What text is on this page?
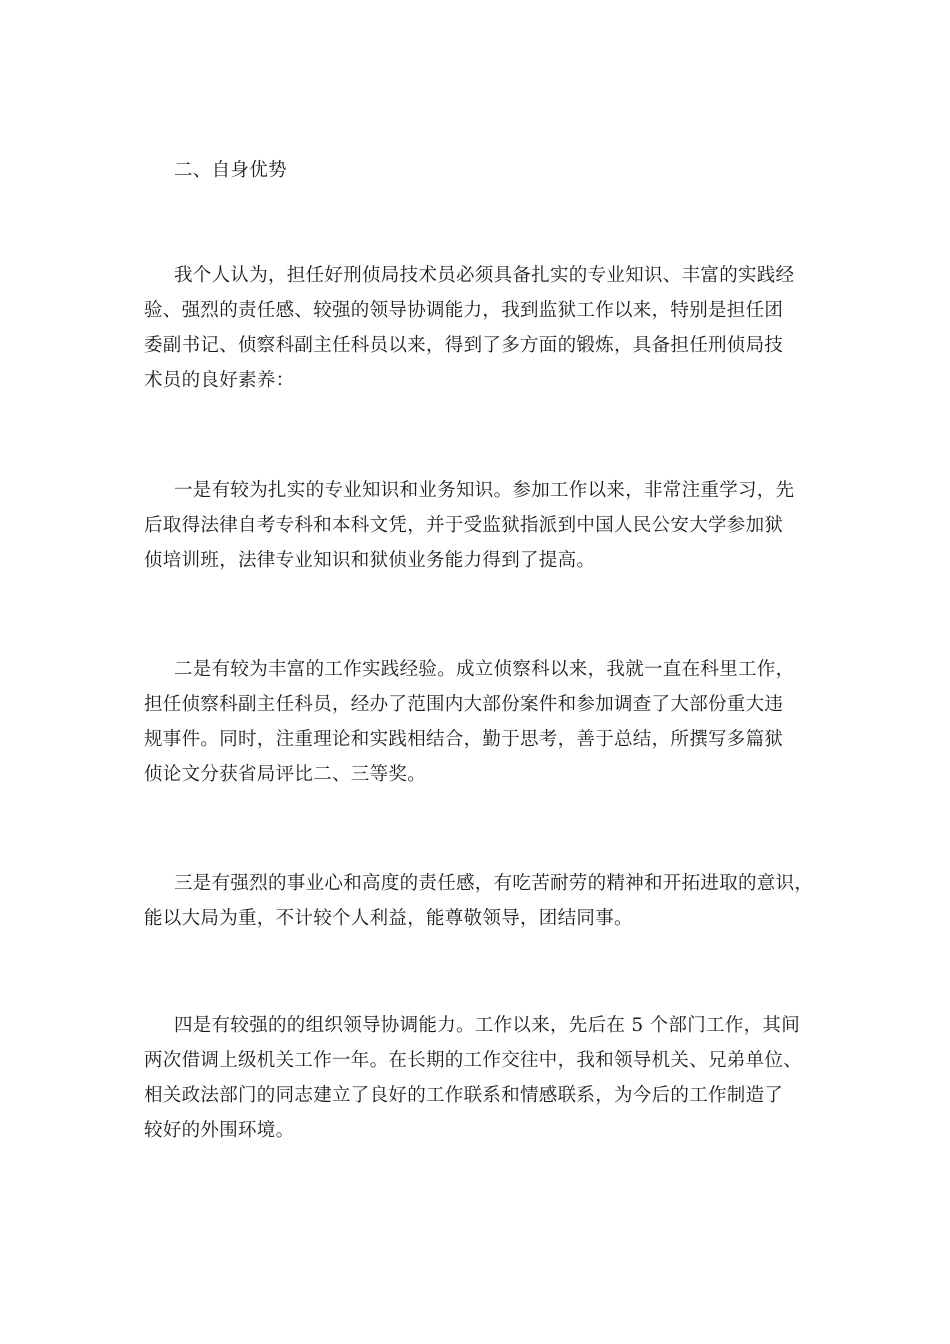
二、自身优势
我个人认为，担任好刑侦局技术员必须具备扎实的专业知识、丰富的实践经
验、强烈的责任感、较强的领导协调能力，我到监狱工作以来，特别是担任团
委副书记、侦察科副主任科员以来，得到了多方面的锻炼，具备担任刑侦局技
术员的良好素养：
一是有较为扎实的专业知识和业务知识。参加工作以来，非常注重学习，先
后取得法律自考专科和本科文凭，并于受监狱指派到中国人民公安大学参加狱
侦培训班，法律专业知识和狱侦业务能力得到了提高。
二是有较为丰富的工作实践经验。成立侦察科以来，我就一直在科里工作，
担任侦察科副主任科员，经办了范围内大部份案件和参加调查了大部份重大违
规事件。同时，注重理论和实践相结合，勤于思考，善于总结，所撰写多篇狱
侦论文分获省局评比二、三等奖。
三是有强烈的事业心和高度的责任感，有吃苦耐劳的精神和开拓进取的意识，
能以大局为重，不计较个人利益，能尊敬领导，团结同事。
四是有较强的的组织领导协调能力。工作以来，先后在 5 个部门工作，其间
两次借调上级机关工作一年。在长期的工作交往中，我和领导机关、兄弟单位、
相关政法部门的同志建立了良好的工作联系和情感联系，为今后的工作制造了
较好的外围环境。
